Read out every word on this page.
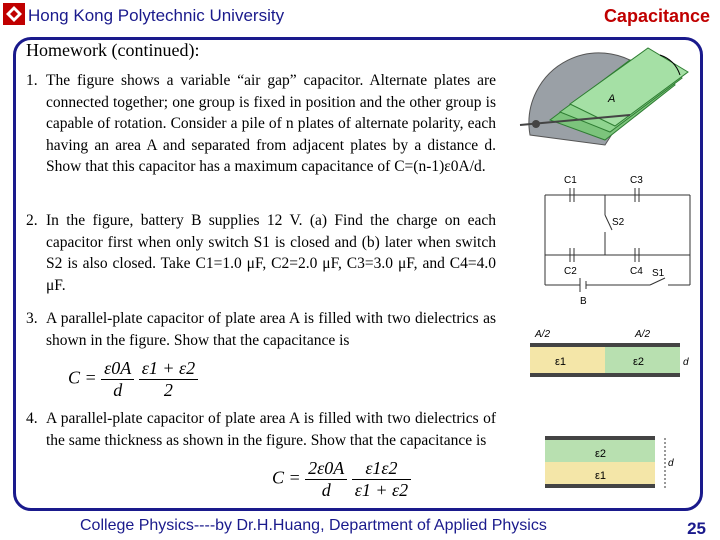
Hong Kong Polytechnic University	Capacitance
Homework (continued):
1. The figure shows a variable “air gap” capacitor. Alternate plates are connected together; one group is fixed in position and the other group is capable of rotation. Consider a pile of n plates of alternate polarity, each having an area A and separated from adjacent plates by a distance d. Show that this capacitor has a maximum capacitance of C=(n-1)ε0A/d.
2. In the figure, battery B supplies 12 V. (a) Find the charge on each capacitor first when only switch S1 is closed and (b) later when switch S2 is also closed. Take C1=1.0 μF, C2=2.0 μF, C3=3.0 μF, and C4=4.0 μF.
3. A parallel-plate capacitor of plate area A is filled with two dielectrics as shown in the figure. Show that the capacitance is
$C = \frac{\varepsilon 0A}{d}$
$\frac{\varepsilon 1 + \varepsilon 2}{2}$
4. A parallel-plate capacitor of plate area A is filled with two dielectrics of the same thickness as shown in the figure. Show that the capacitance is
$C = \frac{2\varepsilon 0A}{d}$
$\frac{\varepsilon 1\varepsilon 2}{\varepsilon 1 + \varepsilon 2}$
A
C1	C3
S2
C2	C4 S1
B
A/2	A/2
ε1	ε2	d
ε2
ε1
d
College Physics----by Dr.H.Huang, Department of Applied Physics	25
